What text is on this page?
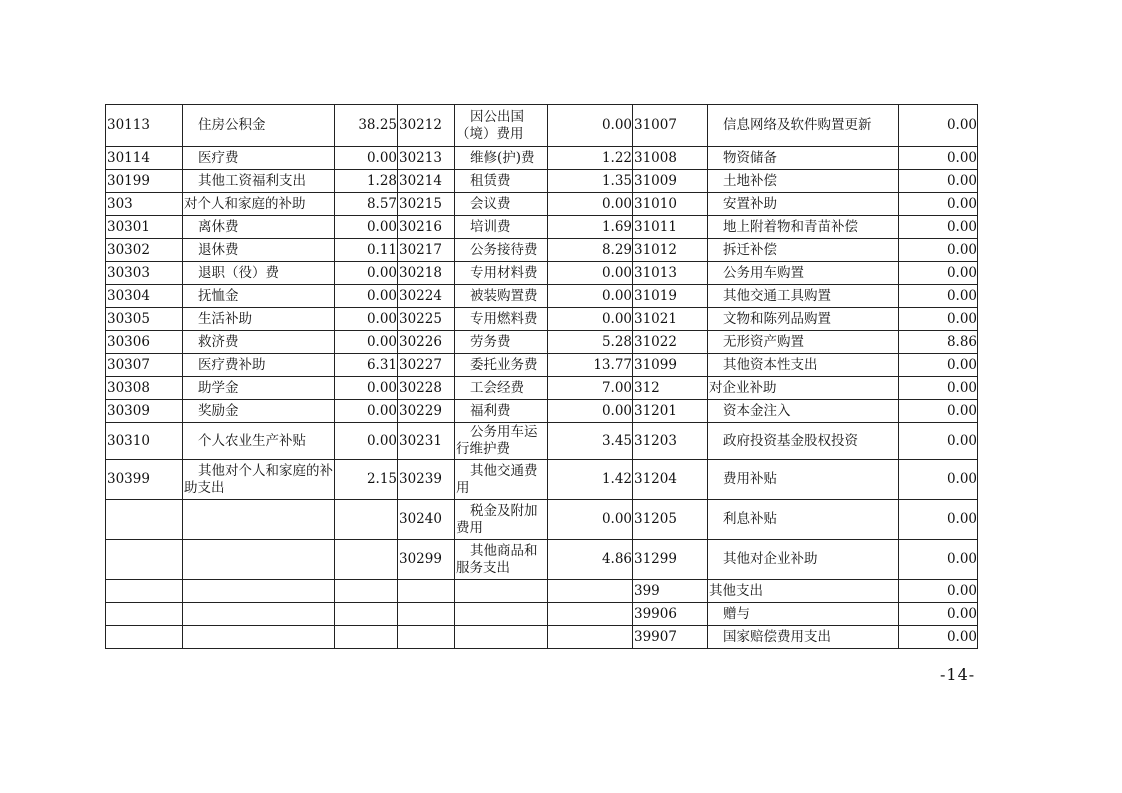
30113	住房公积金	38.25	30212	因公出国（境）费用	0.00	31007	信息网络及软件购置更新	0.00
30114	医疗费	0.00	30213	维修(护)费	1.22	31008	物资储备	0.00
30199	其他工资福利支出	1.28	30214	租赁费	1.35	31009	土地补偿	0.00
303	对个人和家庭的补助	8.57	30215	会议费	0.00	31010	安置补助	0.00
30301	离休费	0.00	30216	培训费	1.69	31011	地上附着物和青苗补偿	0.00
30302	退休费	0.11	30217	公务接待费	8.29	31012	拆迁补偿	0.00
30303	退职（役）费	0.00	30218	专用材料费	0.00	31013	公务用车购置	0.00
30304	抚恤金	0.00	30224	被装购置费	0.00	31019	其他交通工具购置	0.00
30305	生活补助	0.00	30225	专用燃料费	0.00	31021	文物和陈列品购置	0.00
30306	救济费	0.00	30226	劳务费	5.28	31022	无形资产购置	8.86
30307	医疗费补助	6.31	30227	委托业务费	13.77	31099	其他资本性支出	0.00
30308	助学金	0.00	30228	工会经费	7.00	312	对企业补助	0.00
30309	奖励金	0.00	30229	福利费	0.00	31201	资本金注入	0.00
30310	个人农业生产补贴	0.00	30231	公务用车运行维护费	3.45	31203	政府投资基金股权投资	0.00
30399	其他对个人和家庭的补助支出	2.15	30239	其他交通费用	1.42	31204	费用补贴	0.00
			30240	税金及附加费用	0.00	31205	利息补贴	0.00
			30299	其他商品和服务支出	4.86	31299	其他对企业补助	0.00
						399	其他支出	0.00
						39906	赠与	0.00
						39907	国家赔偿费用支出	0.00
-14-
